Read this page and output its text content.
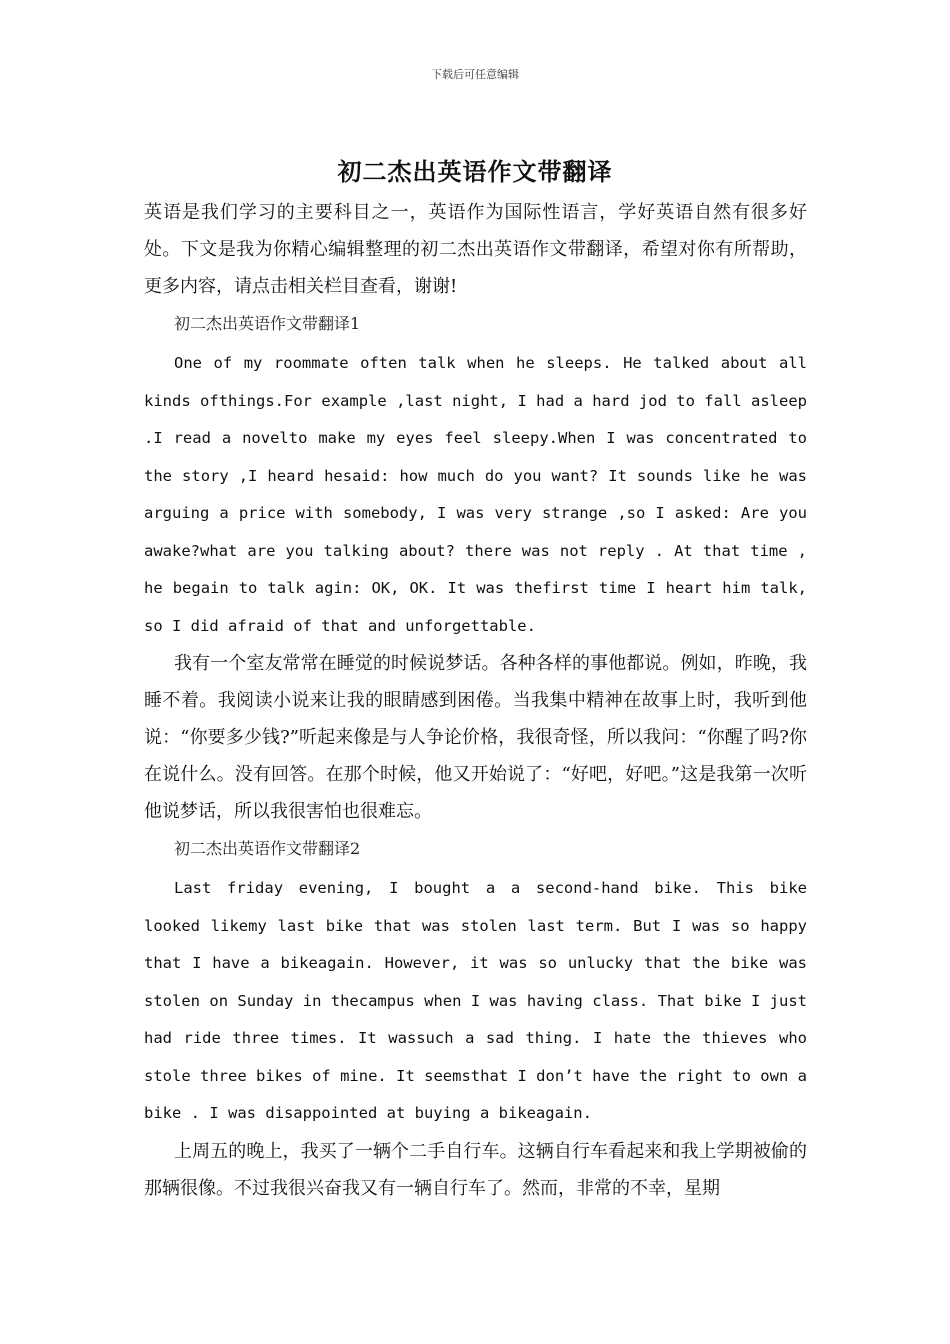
下载后可任意编辑
初二杰出英语作文带翻译

英语是我们学习的主要科目之一，英语作为国际性语言，学好英语自然有很多好处。下文是我为你精心编辑整理的初二杰出英语作文带翻译，希望对你有所帮助，更多内容，请点击相关栏目查看，谢谢!

初二杰出英语作文带翻译1

One of my roommate often talk when he sleeps. He talked about all kinds ofthings.For example ,last night, I had a hard jod to fall asleep .I read a novelto make my eyes feel sleepy.When I was concentrated to the story ,I heard hesaid: how much do you want? It sounds like he was arguing a price with somebody, I was very strange ,so I asked: Are you awake?what are you talking about? there was not reply . At that time , he begain to talk agin: OK, OK. It was thefirst time I heart him talk, so I did afraid of that and unforgettable.

我有一个室友常常在睡觉的时候说梦话。各种各样的事他都说。例如，昨晚，我睡不着。我阅读小说来让我的眼睛感到困倦。当我集中精神在故事上时，我听到他说：“你要多少钱?”听起来像是与人争论价格，我很奇怪，所以我问：“你醒了吗?你在说什么。没有回答。在那个时候，他又开始说了：“好吧，好吧。”这是我第一次听他说梦话，所以我很害怕也很难忘。

初二杰出英语作文带翻译2

Last friday evening, I bought a a second-hand bike. This bike looked likemy last bike that was stolen last term. But I was so happy that I have a bikeagain. However, it was so unlucky that the bike was stolen on Sunday in thecampus when I was having class. That bike I just had ride three times. It wassuch a sad thing. I hate the thieves who stole three bikes of mine. It seemsthat I don’t have the right to own a bike . I was disappointed at buying a bikeagain.

上周五的晚上，我买了一辆个二手自行车。这辆自行车看起来和我上学期被偷的那辆很像。不过我很兴奋我又有一辆自行车了。然而，非常的不幸，星期
